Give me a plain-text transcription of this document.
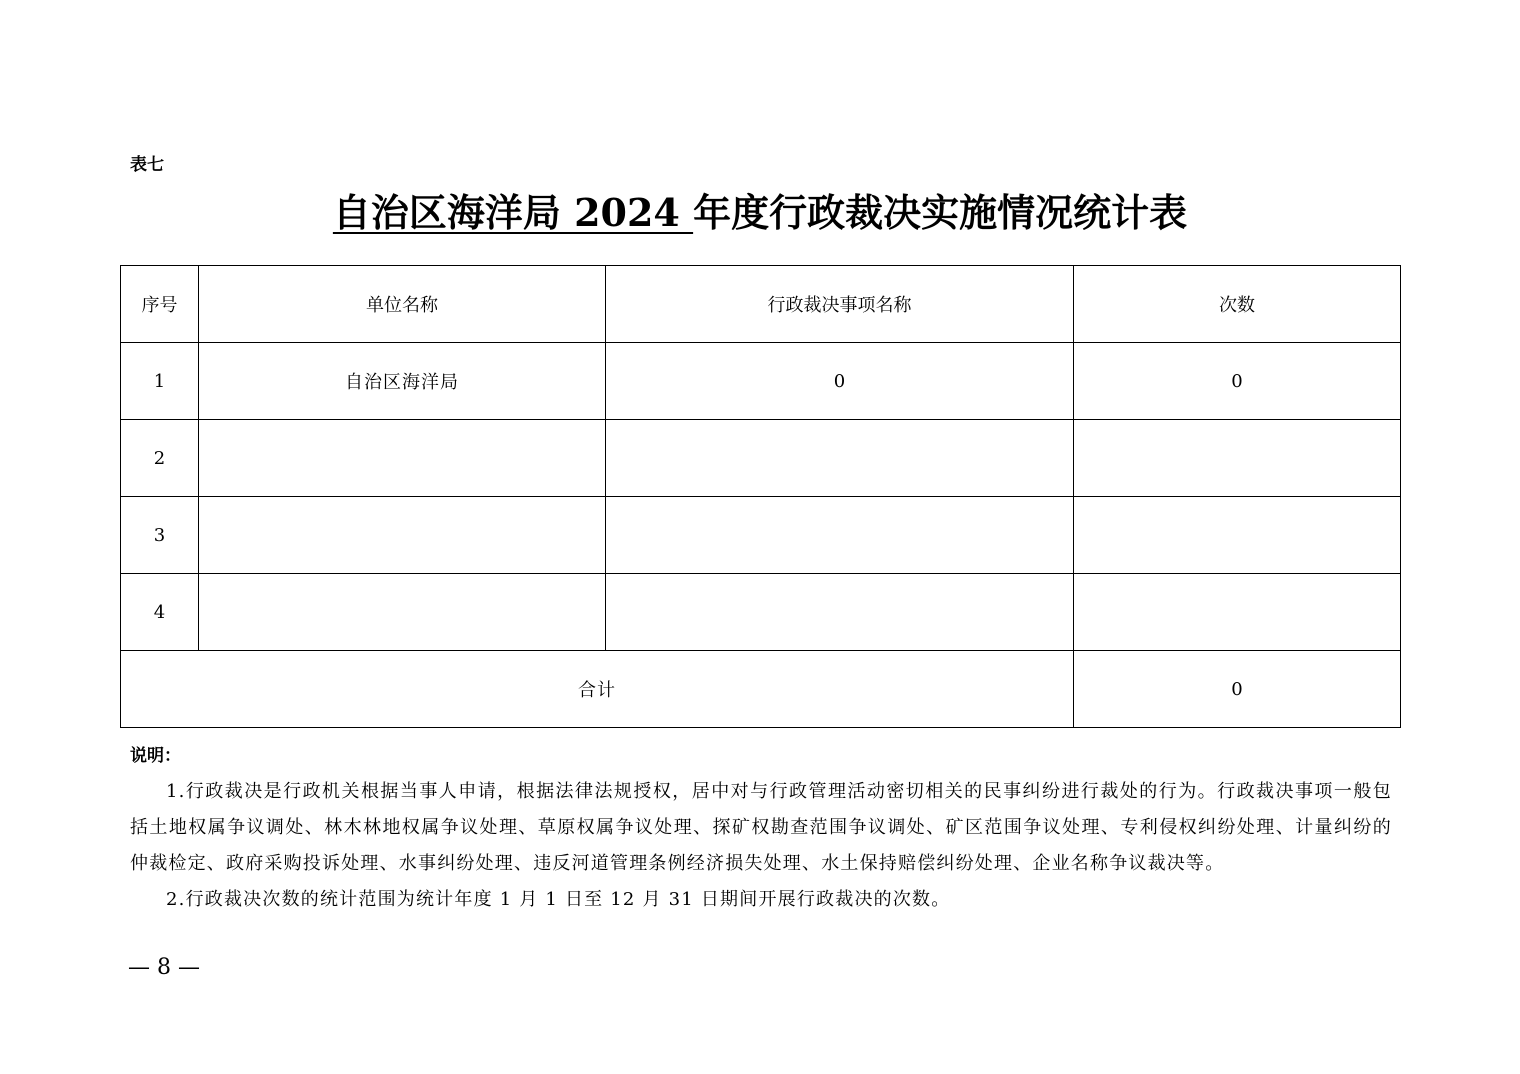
表七
自治区海洋局 2024 年度行政裁决实施情况统计表
序号	单位名称	行政裁决事项名称	次数
1	自治区海洋局	0	0
2			
3			
4			
合计			0
说明：

1.行政裁决是行政机关根据当事人申请，根据法律法规授权，居中对与行政管理活动密切相关的民事纠纷进行裁处的行为。行政裁决事项一般包括土地权属争议调处、林木林地权属争议处理、草原权属争议处理、探矿权勘查范围争议调处、矿区范围争议处理、专利侵权纠纷处理、计量纠纷的仲裁检定、政府采购投诉处理、水事纠纷处理、违反河道管理条例经济损失处理、水土保持赔偿纠纷处理、企业名称争议裁决等。

2.行政裁决次数的统计范围为统计年度 1 月 1 日至 12 月 31 日期间开展行政裁决的次数。

— 8 —
